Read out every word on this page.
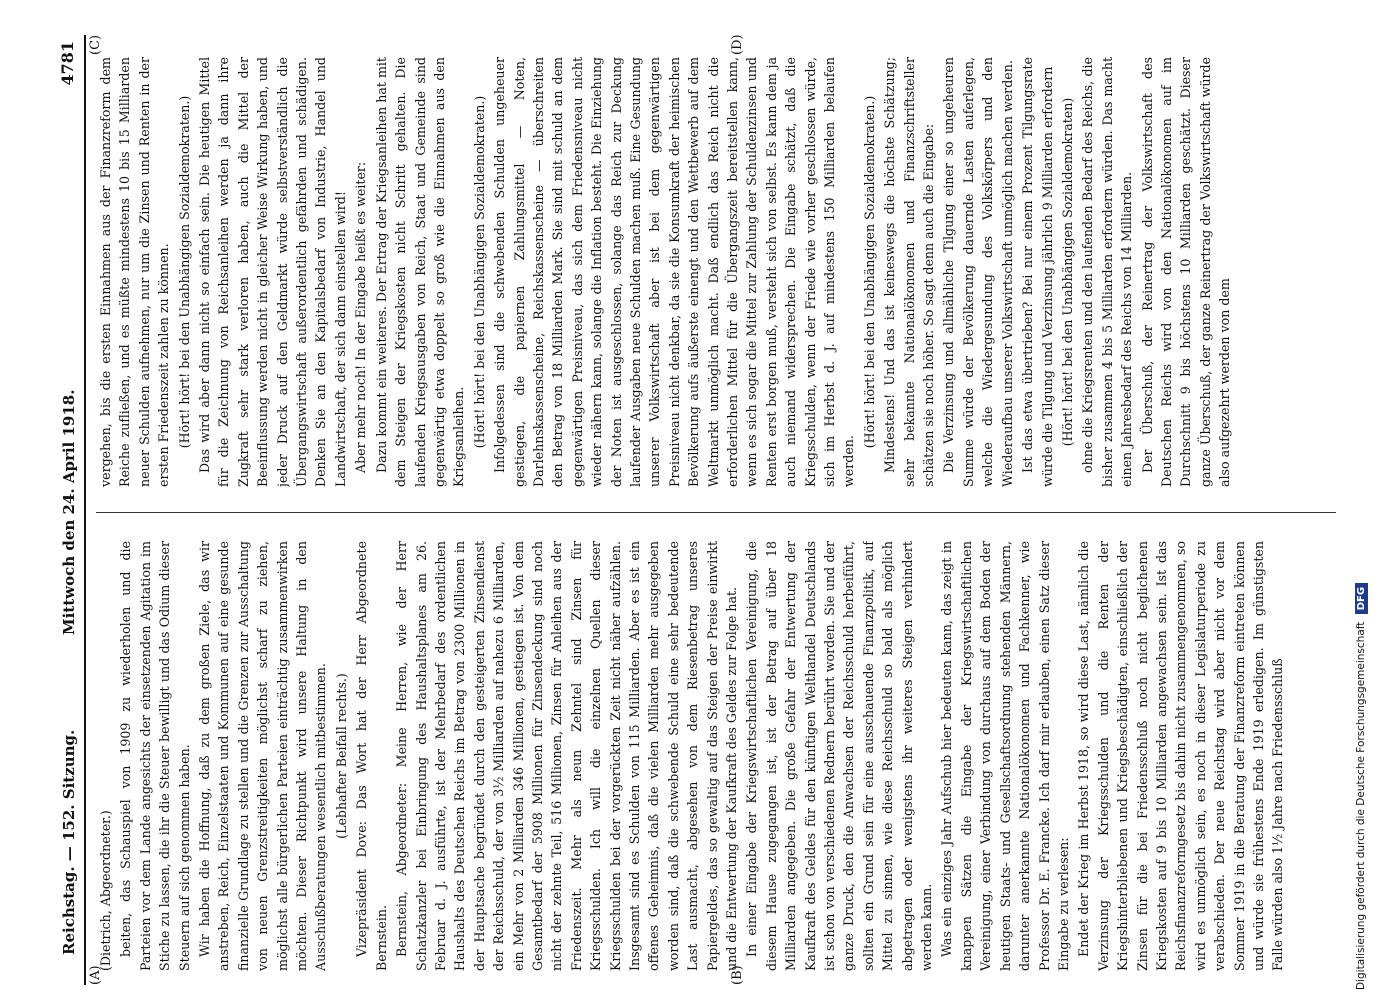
Reichstag. — 152. Sitzung.
Mittwoch den 24. April 1918.
4781
(A)	(B)
(C)	(D)

(Dietrich, Abgeordneter.) beiten, das Schauspiel von 1909 zu wiederholen und die Parteien vor dem Lande angesichts der einsetzenden Agitation im Stiche zu lassen, die ihr die Steuer bewilligt und das Odium dieser Steuern auf sich genommen haben. Wir haben die Hoffnung, daß zu dem großen Ziele, das wir anstreben, Reich, Einzelstaaten und Kommunen auf eine gesunde finanzielle Grundlage zu stellen und die Grenzen zur Ausschaltung von neuen Grenzstreitigkeiten möglichst scharf zu ziehen, möglichst alle bürgerlichen Parteien einträchtig zusammenwirken möchten. Dieser Richtpunkt wird unsere Haltung in den Ausschußberatungen wesentlich mitbestimmen. (Lebhafter Beifall rechts.) Vizepräsident Dove: Das Wort hat der Herr Abgeordnete Bernstein. Bernstein, Abgeordneter: Meine Herren, wie der Herr Schatzkanzler bei Einbringung des Haushaltsplanes am 26. Februar d. J. ausführte, ist der Mehrbedarf des ordentlichen Haushalts des Deutschen Reichs im Betrag von 2300 Millionen in der Hauptsache begründet durch den gesteigerten Zinsendienst der Reichsschuld, der von 3½ Milliarden auf nahezu 6 Milliarden, ein Mehr von 2 Milliarden 346 Millionen, gestiegen ist. Von dem Gesamtbedarf der 5908 Millionen für Zinsendeckung sind noch nicht der zehnte Teil, 516 Millionen, Zinsen für Anleihen aus der Friedenszeit. Mehr als neun Zehntel sind Zinsen für Kriegsschulden. Ich will die einzelnen Quellen dieser Kriegsschulden bei der vorgerückten Zeit nicht näher aufzählen. Insgesamt sind es Schulden von 115 Milliarden. Aber es ist ein offenes Geheimnis, daß die vielen Milliarden mehr ausgegeben worden sind, daß die schwebende Schuld eine sehr bedeutende Last ausmacht, abgesehen von dem Riesenbetrag unseres Papiergeldes, das so gewaltig auf das Steigen der Preise einwirkt und die Entwertung der Kaufkraft des Geldes zur Folge hat. In einer Eingabe der Kriegswirtschaftlichen Vereinigung, die diesem Hause zugegangen ist, ist der Betrag auf über 18 Milliarden angegeben. Die große Gefahr der Entwertung der Kaufkraft des Geldes für den künftigen Welthandel Deutschlands ist schon von verschiedenen Rednern berührt worden. Sie und der ganze Druck, den die Anwachsen der Reichsschuld herbeiführt, sollten ein Grund sein für eine ausschauende Finanzpolitik, auf Mittel zu sinnen, wie diese Reichsschuld so bald als möglich abgetragen oder wenigstens ihr weiteres Steigen verhindert werden kann. Was ein einziges Jahr Aufschub hier bedeuten kann, das zeigt in knappen Sätzen die Eingabe der Kriegswirtschaftlichen Vereinigung, einer Verbindung von durchaus auf dem Boden der heutigen Staats- und Gesellschaftsordnung stehenden Männern, darunter anerkannte Nationalökonomen und Fachkenner, wie Professor Dr. E. Francke. Ich darf mir erlauben, einen Satz dieser Eingabe zu verlesen: Endet der Krieg im Herbst 1918, so wird diese Last, nämlich die Verzinsung der Kriegsschulden und die Renten der Kriegshinterbliebenen und Kriegsbeschädigten, einschließlich der Zinsen für die bei Friedensschluß noch nicht beglichenen Kriegskosten auf 9 bis 10 Milliarden angewachsen sein. Ist das Reichsfinanzreformgesetz bis dahin nicht zusammengenommen, so wird es unmöglich sein, es noch in dieser Legislaturperiode zu verabschieden. Der neue Reichstag wird aber nicht vor dem Sommer 1919 in die Beratung der Finanzreform eintreten können und würde sie frühestens Ende 1919 erledigen. Im günstigsten Falle würden also 1½ Jahre nach Friedensschluß

vergehen, bis die ersten Einnahmen aus der Finanzreform dem Reiche zufließen, und es müßte mindestens 10 bis 15 Milliarden neuer Schulden aufnehmen, nur um die Zinsen und Renten in der ersten Friedenszeit zahlen zu können. (Hört! hört! bei den Unabhängigen Sozialdemokraten.) Das wird aber dann nicht so einfach sein. Die heutigen Mittel für die Zeichnung von Reichsanleihen werden ja dann ihre Zugkraft sehr stark verloren haben, auch die Mittel der Beeinflussung werden nicht in gleicher Weise Wirkung haben, und jeder Druck auf den Geldmarkt würde selbstverständlich die Übergangswirtschaft außerordentlich gefährden und schädigen. Denken Sie an den Kapitalsbedarf von Industrie, Handel und Landwirtschaft, der sich dann einstellen wird! Aber mehr noch! In der Eingabe heißt es weiter: Dazu kommt ein weiteres. Der Ertrag der Kriegsanleihen hat mit dem Steigen der Kriegskosten nicht Schritt gehalten. Die laufenden Kriegsausgaben von Reich, Staat und Gemeinde sind gegenwärtig etwa doppelt so groß wie die Einnahmen aus den Kriegsanleihen. (Hört! hört! bei den Unabhängigen Sozialdemokraten.) Infolgedessen sind die schwebenden Schulden ungeheuer gestiegen, die papiernen Zahlungsmittel — Noten, Darlehnskassenscheine, Reichskassenscheine — überschreiten den Betrag von 18 Milliarden Mark. Sie sind mit schuld an dem gegenwärtigen Preisniveau, das sich dem Friedensniveau nicht wieder nähern kann, solange die Inflation besteht. Die Einziehung der Noten ist ausgeschlossen, solange das Reich zur Deckung laufender Ausgaben neue Schulden machen muß. Eine Gesundung unserer Volkswirtschaft aber ist bei dem gegenwärtigen Preisniveau nicht denkbar, da sie die Konsumkraft der heimischen Bevölkerung aufs äußerste einengt und den Wettbewerb auf dem Weltmarkt unmöglich macht. Daß endlich das Reich nicht die erforderlichen Mittel für die Übergangszeit bereitstellen kann, wenn es sich sogar die Mittel zur Zahlung der Schuldenzinsen und Renten erst borgen muß, versteht sich von selbst. Es kann dem ja auch niemand widersprechen. Die Eingabe schätzt, daß die Kriegsschulden, wenn der Friede wie vorher geschlossen würde, sich im Herbst d. J. auf mindestens 150 Milliarden belaufen werden.

(Hört! hört! bei den Unabhängigen Sozialdemokraten.) Mindestens! Und das ist keineswegs die höchste Schätzung; sehr bekannte Nationalökonomen und Finanzschriftsteller schätzen sie noch höher. So sagt denn auch die Eingabe: Die Verzinsung und allmähliche Tilgung einer so ungeheuren Summe würde der Bevölkerung dauernde Lasten auferlegen, welche die Wiedergesundung des Volkskörpers und den Wiederaufbau unserer Volkswirtschaft unmöglich machen werden. Ist das etwa übertrieben? Bei nur einem Prozent Tilgungsrate würde die Tilgung und Verzinsung jährlich 9 Milliarden erfordern (Hört! hört! bei den Unabhängigen Sozialdemokraten) ohne die Kriegsrenten und den laufenden Bedarf des Reichs, die bisher zusammen 4 bis 5 Milliarden erfordern würden. Das macht einen Jahresbedarf des Reichs von 14 Milliarden. Der Überschuß, der Reinertrag der Volkswirtschaft des Deutschen Reichs wird von den Nationalökonomen auf im Durchschnitt 9 bis höchstens 10 Milliarden geschätzt. Dieser ganze Überschuß, der ganze Reinertrag der Volkswirtschaft würde also aufgezehrt werden von dem

Digitalisierung gefördert durch die Deutsche Forschungsgemeinschaft DFG
